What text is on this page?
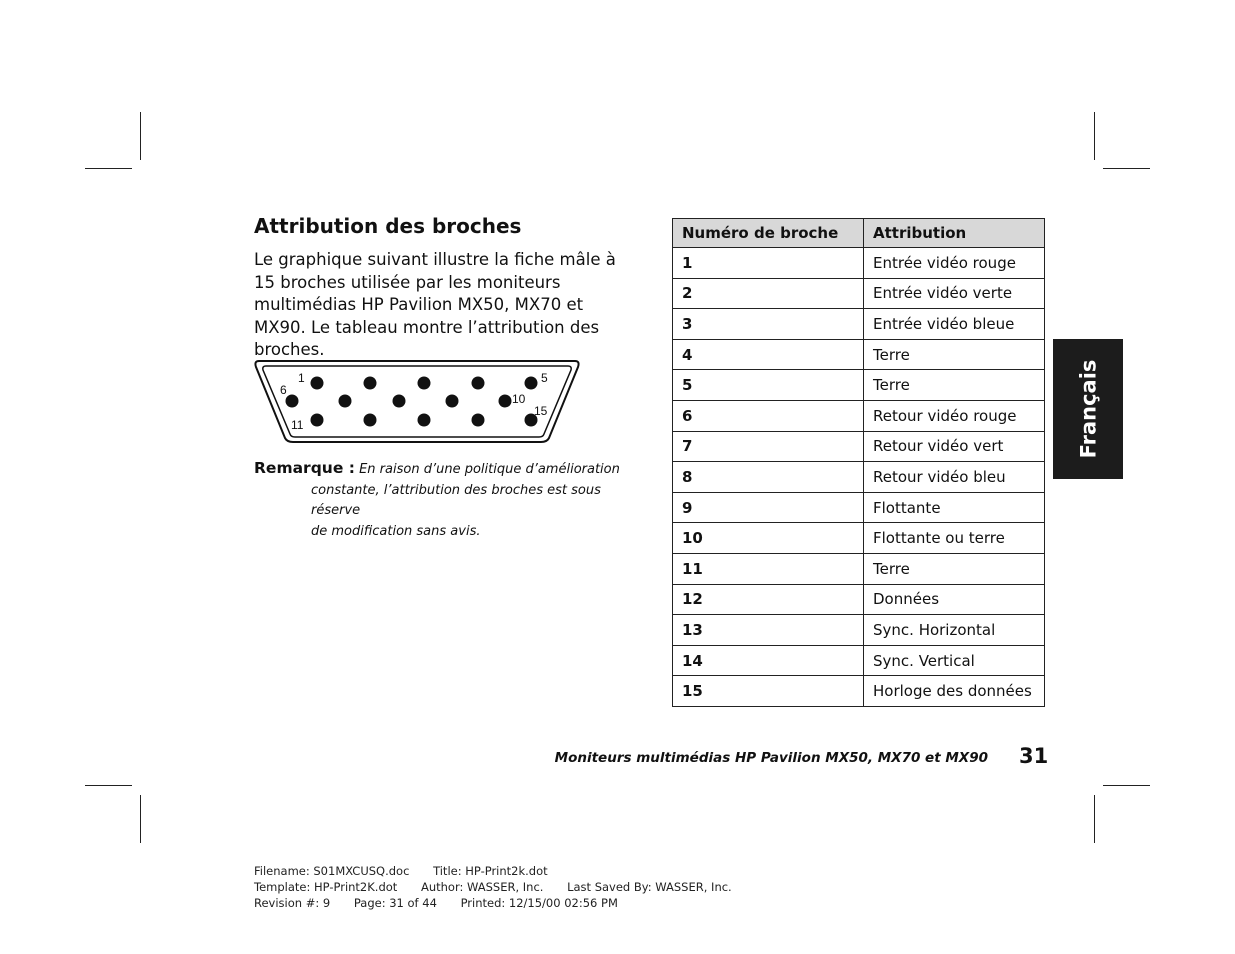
Attribution des broches

Le graphique suivant illustre la fiche mâle à 15 broches utilisée par les moniteurs multimédias HP Pavilion MX50, MX70 et MX90. Le tableau montre l’attribution des broches.

1	5
6
10
11
15
Remarque : En raison d’une politique d’amélioration
constante, l’attribution des broches est sous réserve
de modification sans avis.
Numéro de broche	Attribution
1	Entrée vidéo rouge
2	Entrée vidéo verte
3	Entrée vidéo bleue
4	Terre
5	Terre
6	Retour vidéo rouge
7	Retour vidéo vert
8	Retour vidéo bleu
9	Flottante
10	Flottante ou terre
11	Terre
12	Données
13	Sync. Horizontal
14	Sync. Vertical
15	Horloge des données
Français
Moniteurs multimédias HP Pavilion MX50, MX70 et MX90 31
Filename: S01MXCUSQ.doc Title: HP-Print2k.dot
Template: HP-Print2K.dot Author: WASSER, Inc. Last Saved By: WASSER, Inc.
Revision #: 9 Page: 31 of 44 Printed: 12/15/00 02:56 PM
